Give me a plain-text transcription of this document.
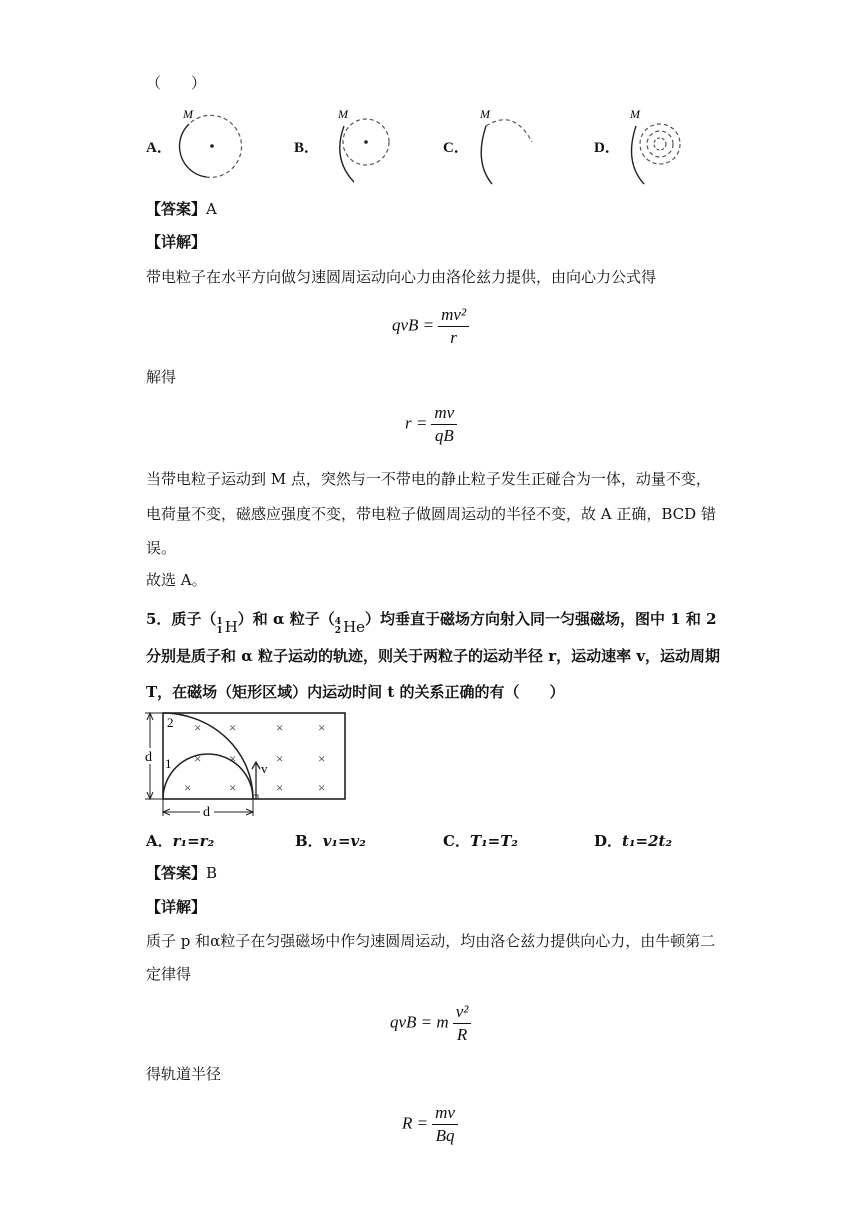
（　　）
A．
M
B．
M
C．
M
D．
M
【答案】A
【详解】
带电粒子在水平方向做匀速圆周运动向心力由洛伦兹力提供，由向心力公式得
qvB = $\frac{\text{mv²}}{r}$
解得
$r = \frac{mv}{qB}$
当带电粒子运动到 M 点，突然与一不带电的静止粒子发生正碰合为一体，动量不变，
电荷量不变，磁感应强度不变，带电粒子做圆周运动的半径不变，故 A 正确，BCD 错
误。
故选 A。
5．质子（ 1
1 H ）和 α 粒子（ 4
2 He ）均垂直于磁场方向射入同一匀强磁场，图中 1 和 2
分别是质子和 α 粒子运动的轨迹，则关于两粒子的运动半径 r，运动速率 v，运动周期
T，在磁场（矩形区域）内运动时间 t 的关系正确的有（　　）

d
d
1
2
v
× ×	×	×
× ×	×	×
×	×	×	×
A．r₁=r₂	B．v₁=v₂	C．T₁=T₂	D．t₁=2t₂
【答案】B
【详解】
质子 p 和α粒子在匀强磁场中作匀速圆周运动，均由洛仑兹力提供向心力，由牛顿第二
定律得
qvB = m $\frac{\text{v²}}{R}$
得轨道半径
$R = \frac{mv}{Bq}$
